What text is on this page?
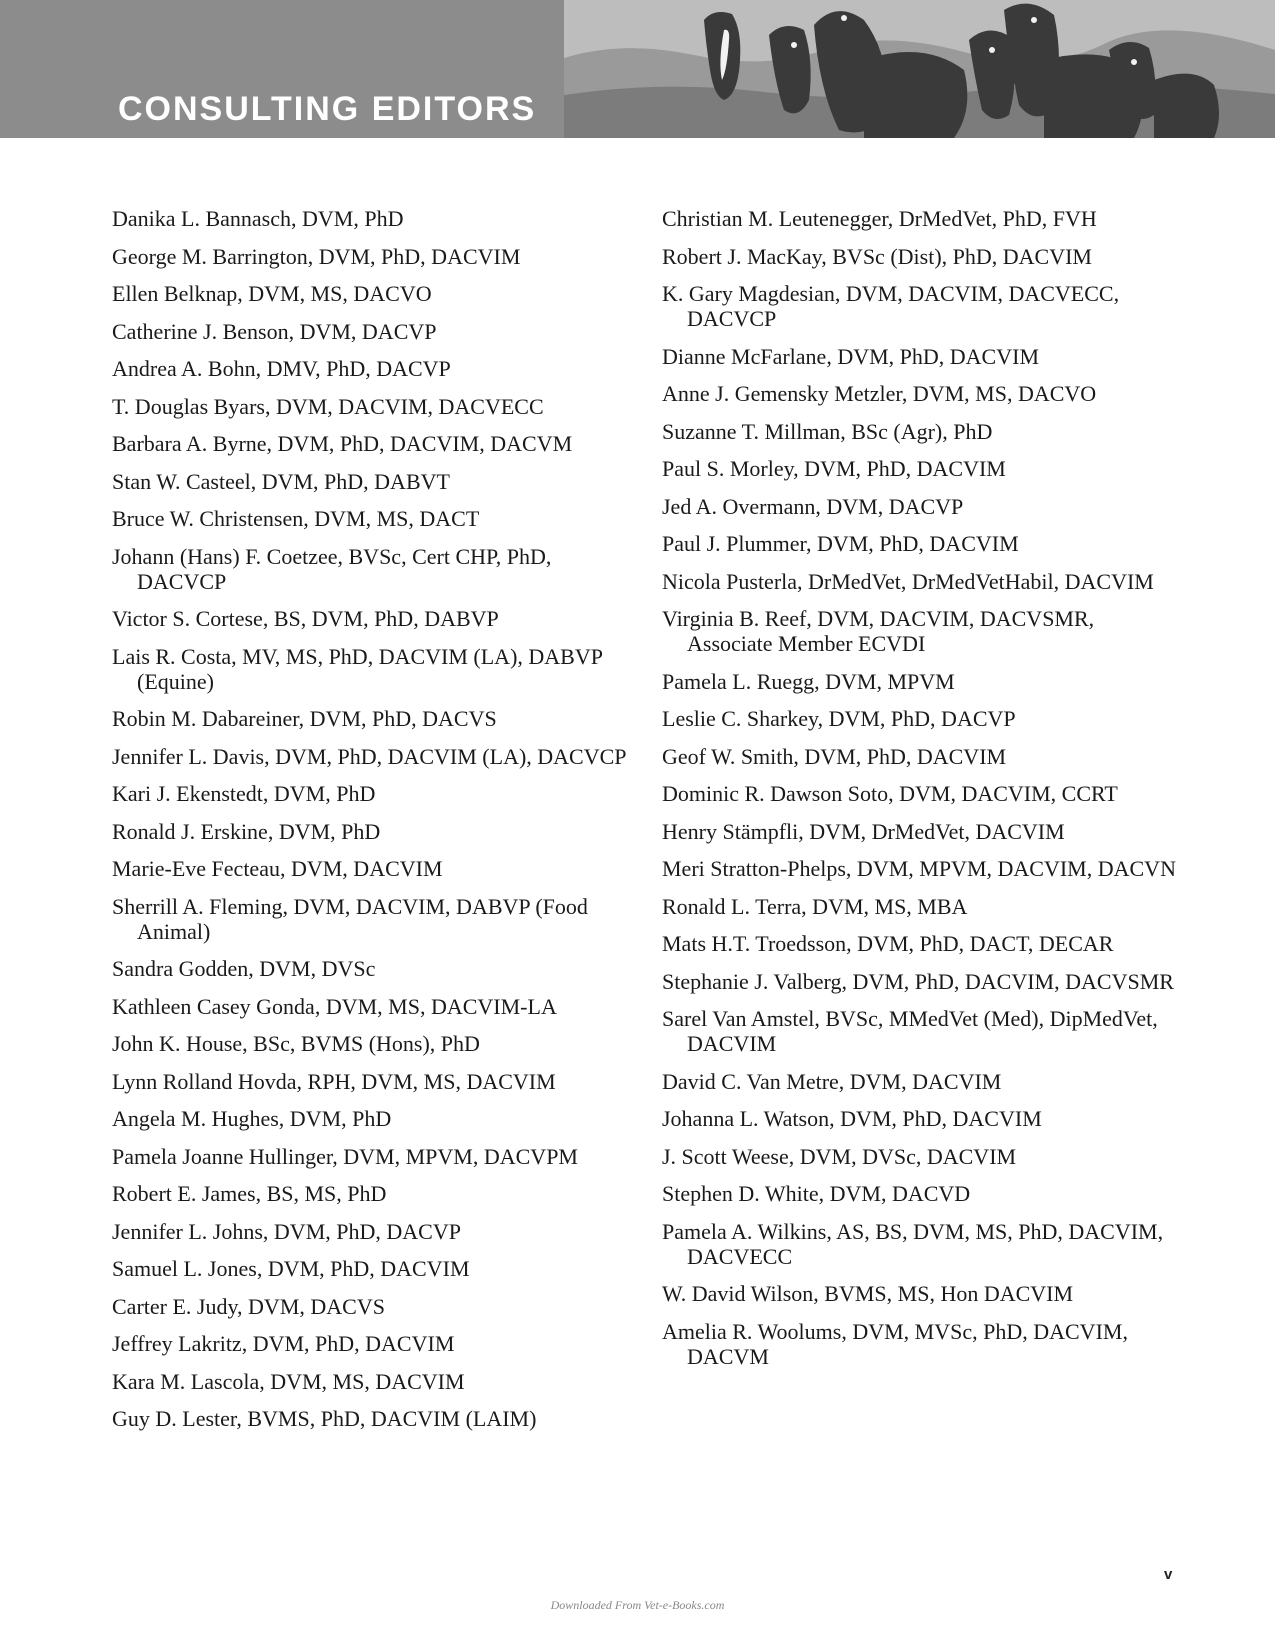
CONSULTING EDITORS

Danika L. Bannasch, DVM, PhD

George M. Barrington, DVM, PhD, DACVIM

Ellen Belknap, DVM, MS, DACVO

Catherine J. Benson, DVM, DACVP

Andrea A. Bohn, DMV, PhD, DACVP

T. Douglas Byars, DVM, DACVIM, DACVECC

Barbara A. Byrne, DVM, PhD, DACVIM, DACVM

Stan W. Casteel, DVM, PhD, DABVT

Bruce W. Christensen, DVM, MS, DACT

Johann (Hans) F. Coetzee, BVSc, Cert CHP, PhD, DACVCP

Victor S. Cortese, BS, DVM, PhD, DABVP

Lais R. Costa, MV, MS, PhD, DACVIM (LA), DABVP (Equine)

Robin M. Dabareiner, DVM, PhD, DACVS

Jennifer L. Davis, DVM, PhD, DACVIM (LA), DACVCP

Kari J. Ekenstedt, DVM, PhD

Ronald J. Erskine, DVM, PhD

Marie-Eve Fecteau, DVM, DACVIM

Sherrill A. Fleming, DVM, DACVIM, DABVP (Food Animal)

Sandra Godden, DVM, DVSc

Kathleen Casey Gonda, DVM, MS, DACVIM-LA

John K. House, BSc, BVMS (Hons), PhD

Lynn Rolland Hovda, RPH, DVM, MS, DACVIM

Angela M. Hughes, DVM, PhD

Pamela Joanne Hullinger, DVM, MPVM, DACVPM

Robert E. James, BS, MS, PhD

Jennifer L. Johns, DVM, PhD, DACVP

Samuel L. Jones, DVM, PhD, DACVIM

Carter E. Judy, DVM, DACVS

Jeffrey Lakritz, DVM, PhD, DACVIM

Kara M. Lascola, DVM, MS, DACVIM

Guy D. Lester, BVMS, PhD, DACVIM (LAIM)

Christian M. Leutenegger, DrMedVet, PhD, FVH

Robert J. MacKay, BVSc (Dist), PhD, DACVIM

K. Gary Magdesian, DVM, DACVIM, DACVECC, DACVCP

Dianne McFarlane, DVM, PhD, DACVIM

Anne J. Gemensky Metzler, DVM, MS, DACVO

Suzanne T. Millman, BSc (Agr), PhD

Paul S. Morley, DVM, PhD, DACVIM

Jed A. Overmann, DVM, DACVP

Paul J. Plummer, DVM, PhD, DACVIM

Nicola Pusterla, DrMedVet, DrMedVetHabil, DACVIM

Virginia B. Reef, DVM, DACVIM, DACVSMR, Associate Member ECVDI

Pamela L. Ruegg, DVM, MPVM

Leslie C. Sharkey, DVM, PhD, DACVP

Geof W. Smith, DVM, PhD, DACVIM

Dominic R. Dawson Soto, DVM, DACVIM, CCRT

Henry Stämpfli, DVM, DrMedVet, DACVIM

Meri Stratton-Phelps, DVM, MPVM, DACVIM, DACVN

Ronald L. Terra, DVM, MS, MBA

Mats H.T. Troedsson, DVM, PhD, DACT, DECAR

Stephanie J. Valberg, DVM, PhD, DACVIM, DACVSMR

Sarel Van Amstel, BVSc, MMedVet (Med), DipMedVet, DACVIM

David C. Van Metre, DVM, DACVIM

Johanna L. Watson, DVM, PhD, DACVIM

J. Scott Weese, DVM, DVSc, DACVIM

Stephen D. White, DVM, DACVD

Pamela A. Wilkins, AS, BS, DVM, MS, PhD, DACVIM, DACVECC

W. David Wilson, BVMS, MS, Hon DACVIM

Amelia R. Woolums, DVM, MVSc, PhD, DACVIM, DACVM

v
Downloaded From Vet-e-Books.com
